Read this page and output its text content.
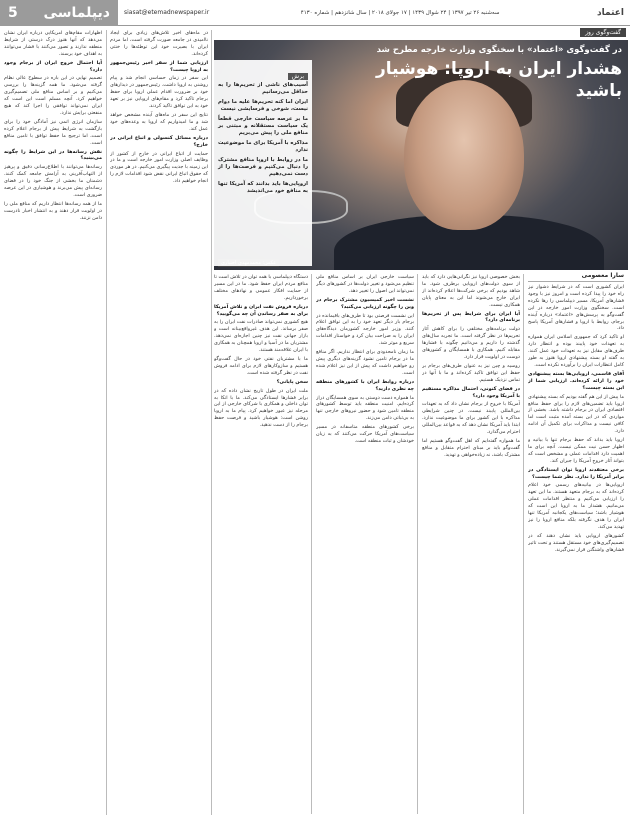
دیپلماسی
5	اعتماد
سه‌شنبه ۲۶ تیر ۱۳۹۷ | ۲۴ شوال ۱۴۳۹ | ۱۷ جولای ۲۰۱۸ | سال شانزدهم | شماره ۴۱۳۰
siasat@etemadnewspaper.ir
گفت‌وگوی روز
در گفت‌وگوی «اعتماد» با سخنگوی وزارت خارجه مطرح شد
هشدار ایران به اروپا: هوشیار باشید
برش

آسیب‌های ناشی از تحریم‌ها را به حداقل می‌رسانیم

ایران اما کنه تحریم‌ها علیه ما دوام نیست، شوخی و فرسایشی نیست

ما بر عرصه سیاست خارجی قطعاً یک سیاست مستقلانه و مبتنی بر منافع ملی را پیش می‌بریم

مذاکره با آمریکا برای ما موضوعیت ندارد

ما در روابط با اروپا منافع مشترک را دنبال می‌کنیم و فرصت‌ها را از دست نمی‌دهیم

اروپایی‌ها باید بدانند که آمریکا تنها به منافع خود می‌اندیشد

اظهارات مقام‌های آمریکایی درباره ایران نشان می‌دهد که آنها هنوز درک درستی از شرایط منطقه ندارند و تصور می‌کنند با فشار می‌توانند به اهداف خود برسند.

آیا احتمال خروج ایران از برجام وجود دارد؟

تصمیم نهایی در این باره در سطوح عالی نظام گرفته می‌شود. ما همه گزینه‌ها را بررسی می‌کنیم و بر اساس منافع ملی تصمیم‌گیری خواهیم کرد. آنچه مسلم است این است که ایران نمی‌تواند توافقی را اجرا کند که هیچ منفعتی برایش ندارد.

سازمان انرژی اتمی نیز آمادگی خود را برای بازگشت به شرایط پیش از برجام اعلام کرده است، اما ترجیح ما حفظ توافق با تامین منافع است.

نقش رسانه‌ها در این شرایط را چگونه می‌بینید؟

رسانه‌ها می‌توانند با اطلاع‌رسانی دقیق و پرهیز از التهاب‌آفرینی به آرامش جامعه کمک کنند. دشمنان ما بخشی از جنگ خود را در فضای رسانه‌ای پیش می‌برند و هوشیاری در این عرصه ضروری است.

ما از همه رسانه‌ها انتظار داریم که منافع ملی را در اولویت قرار دهند و به انتشار اخبار نادرست دامن نزنند.

در ماه‌های اخیر تلاش‌های زیادی برای ایجاد ناامیدی در جامعه صورت گرفته است، اما مردم ایران با بصیرت خود این توطئه‌ها را خنثی کرده‌اند.

ارزیابی شما از سفر اخیر رئیس‌جمهور به اروپا چیست؟

این سفر در زمان حساسی انجام شد و پیام روشنی به اروپا داشت. رئیس‌جمهور در دیدارهای خود بر ضرورت اقدام عملی اروپا برای حفظ برجام تاکید کرد و مقام‌های اروپایی نیز بر تعهد خود به این توافق تاکید کردند.

نتایج این سفر در ماه‌های آینده مشخص خواهد شد و ما امیدواریم که اروپا به وعده‌های خود عمل کند.

درباره مسائل کنسولی و اتباع ایرانی در خارج؟

حمایت از اتباع ایرانی در خارج از کشور از وظایف اصلی وزارت امور خارجه است و ما در این زمینه با جدیت پیگیری می‌کنیم. در هر موردی که حقوق اتباع ایرانی نقض شود اقدامات لازم را انجام خواهیم داد.

سارا معصومی

ایران کشوری است که در شرایط دشوار نیز راه خود را پیدا کرده است و امروز نیز با وجود فشارهای آمریکا، مسیر دیپلماسی را رها نکرده است. سخنگوی وزارت امور خارجه در این گفت‌وگو به پرسش‌های «اعتماد» درباره آینده برجام، روابط با اروپا و فشارهای آمریکا پاسخ داد.

او تاکید کرد که جمهوری اسلامی ایران همواره به تعهدات خود پایبند بوده و انتظار دارد طرف‌های مقابل نیز به تعهدات خود عمل کنند. به گفته او بسته پیشنهادی اروپا هنوز به طور کامل انتظارات ایران را برآورده نکرده است.

آقای قاسمی، اروپایی‌ها بسته پیشنهادی خود را ارائه کرده‌اند. ارزیابی شما از این بسته چیست؟

ما پیش از این هم گفته بودیم که بسته پیشنهادی اروپا باید تضمین‌های لازم را برای حفظ منافع اقتصادی ایران در برجام داشته باشد. بخشی از مواردی که در این بسته آمده مثبت است اما کافی نیست و مذاکرات برای تکمیل آن ادامه دارد.

اروپا باید بداند که حفظ برجام تنها با بیانیه و اظهار حسن نیت ممکن نیست. آنچه برای ما اهمیت دارد اقدامات عملی و مشخص است که بتواند آثار خروج آمریکا را جبران کند.

برخی معتقدند اروپا توان ایستادگی در برابر آمریکا را ندارد. نظر شما چیست؟

اروپایی‌ها در بیانیه‌های رسمی خود اعلام کرده‌اند که به برجام متعهد هستند. ما این تعهد را ارزیابی می‌کنیم و منتظر اقدامات عملی می‌مانیم. هشدار ما به اروپا این است که هوشیار باشد؛ سیاست‌های یکجانبه آمریکا تنها ایران را هدف نگرفته بلکه منافع اروپا را نیز تهدید می‌کند.

کشورهای اروپایی باید نشان دهند که در تصمیم‌گیری‌های خود مستقل هستند و تحت تاثیر فشارهای واشنگتن قرار نمی‌گیرند.

بخش خصوصی اروپا نیز نگرانی‌هایی دارد که باید از سوی دولت‌های اروپایی برطرف شود. ما شاهد بودیم که برخی شرکت‌ها اعلام کرده‌اند از ایران خارج می‌شوند اما این به معنای پایان همکاری نیست.

آیا ایران برای شرایط پس از تحریم‌ها برنامه‌ای دارد؟

دولت برنامه‌های مختلفی را برای کاهش آثار تحریم‌ها در نظر گرفته است. ما تجربه سال‌های گذشته را داریم و می‌دانیم چگونه با فشارها مقابله کنیم. همکاری با همسایگان و کشورهای دوست در اولویت قرار دارد.

روسیه و چین نیز به عنوان طرف‌های برجام بر حفظ این توافق تاکید کرده‌اند و ما با آنها در تماس نزدیک هستیم.

در فضای کنونی، احتمال مذاکره مستقیم با آمریکا وجود دارد؟

آمریکا با خروج از برجام نشان داد که به تعهدات بین‌المللی پایبند نیست. در چنین شرایطی مذاکره با این کشور برای ما موضوعیت ندارد. ابتدا باید آمریکا نشان دهد که به قواعد بین‌المللی احترام می‌گذارد.

ما همواره گفته‌ایم که اهل گفت‌وگو هستیم اما گفت‌وگو باید بر مبنای احترام متقابل و منافع مشترک باشد، نه زیاده‌خواهی و تهدید.

سیاست خارجی ایران بر اساس منافع ملی تنظیم می‌شود و تغییر دولت‌ها در کشورهای دیگر نمی‌تواند این اصول را تغییر دهد.

نشست اخیر کمیسیون مشترک برجام در وین را چگونه ارزیابی می‌کنید؟

این نشست فرصتی بود تا طرف‌های باقیمانده در برجام بار دیگر تعهد خود را به این توافق اعلام کنند. وزیر امور خارجه کشورمان دیدگاه‌های ایران را به صراحت بیان کرد و خواستار اقدامات سریع و موثر شد.

ما زمان نامحدودی برای انتظار نداریم. اگر منافع ما در برجام تامین نشود گزینه‌های دیگری پیش رو خواهیم داشت که پیش از این نیز اعلام شده است.

درباره روابط ایران با کشورهای منطقه چه نظری دارید؟

ما همواره دست دوستی به سوی همسایگان دراز کرده‌ایم. امنیت منطقه باید توسط کشورهای منطقه تامین شود و حضور نیروهای خارجی تنها به بی‌ثباتی دامن می‌زند.

برخی کشورهای منطقه متاسفانه در مسیر سیاست‌های آمریکا حرکت می‌کنند که به زیان خودشان و ثبات منطقه است.

دستگاه دیپلماسی با همه توان در تلاش است تا منافع مردم ایران حفظ شود. ما در این مسیر از حمایت افکار عمومی و نهادهای مختلف برخورداریم.

درباره فروش نفت ایران و تلاش آمریکا برای به صفر رساندن آن چه می‌گویید؟

هیچ کشوری نمی‌تواند صادرات نفت ایران را به صفر برساند. این هدف غیرواقع‌بینانه است و بازار جهانی نفت نیز چنین اجازه‌ای نمی‌دهد. مشتریان ما در آسیا و اروپا همچنان به همکاری با ایران علاقه‌مند هستند.

ما با مشتریان نفتی خود در حال گفت‌وگو هستیم و سازوکارهای لازم برای ادامه فروش نفت در نظر گرفته شده است.

سخن پایانی؟

ملت ایران در طول تاریخ نشان داده که در برابر فشارها ایستادگی می‌کند. ما با اتکا به توان داخلی و همکاری با شرکای خارجی از این مرحله نیز عبور خواهیم کرد. پیام ما به اروپا روشن است: هوشیار باشید و فرصت حفظ برجام را از دست ندهید.
